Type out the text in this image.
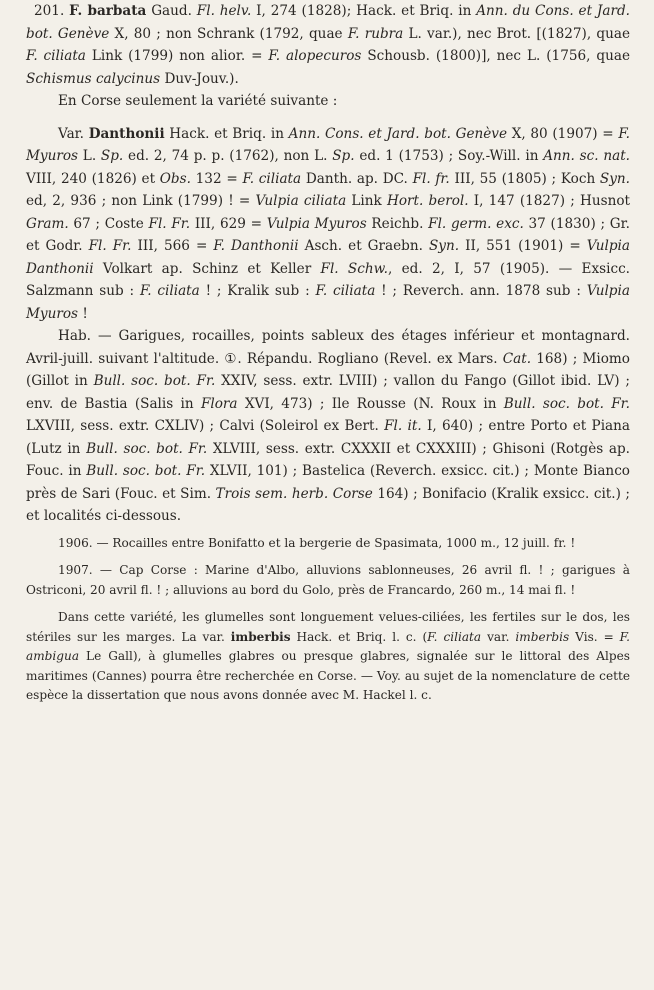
201. F. barbata Gaud. Fl. helv. I, 274 (1828); Hack. et Briq. in Ann. du Cons. et Jard. bot. Genève X, 80 ; non Schrank (1792, quae F. rubra L. var.), nec Brot. [(1827), quae F. ciliata Link (1799) non alior. = F. alopecuros Schousb. (1800)], nec L. (1756, quae Schismus calycinus Duv-Jouv.).

En Corse seulement la variété suivante :

Var. Danthonii Hack. et Briq. in Ann. Cons. et Jard. bot. Genève X, 80 (1907) = F. Myuros L. Sp. ed. 2, 74 p. p. (1762), non L. Sp. ed. 1 (1753) ; Soy.-Will. in Ann. sc. nat. VIII, 240 (1826) et Obs. 132 = F. ciliata Danth. ap. DC. Fl. fr. III, 55 (1805) ; Koch Syn. ed, 2, 936 ; non Link (1799) ! = Vulpia ciliata Link Hort. berol. I, 147 (1827) ; Husnot Gram. 67 ; Coste Fl. Fr. III, 629 = Vulpia Myuros Reichb. Fl. germ. exc. 37 (1830) ; Gr. et Godr. Fl. Fr. III, 566 = F. Danthonii Asch. et Graebn. Syn. II, 551 (1901) = Vulpia Danthonii Volkart ap. Schinz et Keller Fl. Schw., ed. 2, I, 57 (1905). — Exsicc. Salzmann sub : F. ciliata ! ; Kralik sub : F. ciliata ! ; Reverch. ann. 1878 sub : Vulpia Myuros !

Hab. — Garigues, rocailles, points sableux des étages inférieur et montagnard. Avril-juill. suivant l'altitude. ①. Répandu. Rogliano (Revel. ex Mars. Cat. 168) ; Miomo (Gillot in Bull. soc. bot. Fr. XXIV, sess. extr. LVIII) ; vallon du Fango (Gillot ibid. LV) ; env. de Bastia (Salis in Flora XVI, 473) ; Ile Rousse (N. Roux in Bull. soc. bot. Fr. LXVIII, sess. extr. CXLIV) ; Calvi (Soleirol ex Bert. Fl. it. I, 640) ; entre Porto et Piana (Lutz in Bull. soc. bot. Fr. XLVIII, sess. extr. CXXXII et CXXXIII) ; Ghisoni (Rotgès ap. Fouc. in Bull. soc. bot. Fr. XLVII, 101) ; Bastelica (Reverch. exsicc. cit.) ; Monte Bianco près de Sari (Fouc. et Sim. Trois sem. herb. Corse 164) ; Bonifacio (Kralik exsicc. cit.) ; et localités ci-dessous.

1906. — Rocailles entre Bonifatto et la bergerie de Spasimata, 1000 m., 12 juill. fr. !

1907. — Cap Corse : Marine d'Albo, alluvions sablonneuses, 26 avril fl. ! ; garigues à Ostriconi, 20 avril fl. ! ; alluvions au bord du Golo, près de Francardo, 260 m., 14 mai fl. !

Dans cette variété, les glumelles sont longuement velues-ciliées, les fertiles sur le dos, les stériles sur les marges. La var. imberbis Hack. et Briq. l. c. (F. ciliata var. imberbis Vis. = F. ambigua Le Gall), à glumelles glabres ou presque glabres, signalée sur le littoral des Alpes maritimes (Cannes) pourra être recherchée en Corse. — Voy. au sujet de la nomenclature de cette espèce la dissertation que nous avons donnée avec M. Hackel l. c.
